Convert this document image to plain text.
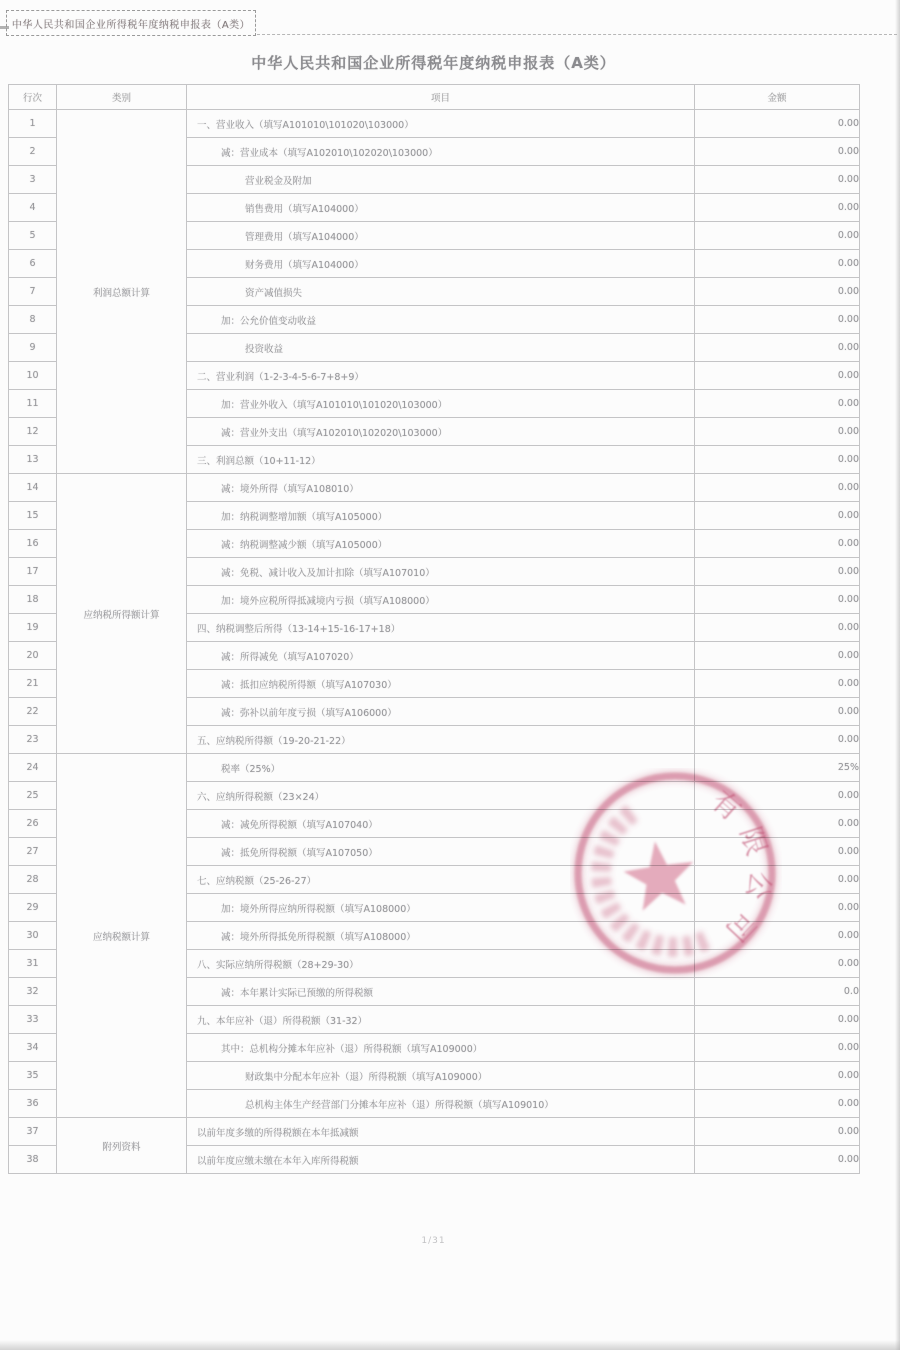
中华人民共和国企业所得税年度纳税申报表（A类）
中华人民共和国企业所得税年度纳税申报表（A类）
行次	类别	项目	金额
1	利润总额计算	一、营业收入（填写A101010\101020\103000）	0.00
2		减：营业成本（填写A102010\102020\103000）	0.00
3		营业税金及附加	0.00
4		销售费用（填写A104000）	0.00
5		管理费用（填写A104000）	0.00
6		财务费用（填写A104000）	0.00
7		资产减值损失	0.00
8		加：公允价值变动收益	0.00
9		投资收益	0.00
10		二、营业利润（1-2-3-4-5-6-7+8+9）	0.00
11		加：营业外收入（填写A101010\101020\103000）	0.00
12		减：营业外支出（填写A102010\102020\103000）	0.00
13		三、利润总额（10+11-12）	0.00
14	应纳税所得额计算	减：境外所得（填写A108010）	0.00
15		加：纳税调整增加额（填写A105000）	0.00
16		减：纳税调整减少额（填写A105000）	0.00
17		减：免税、减计收入及加计扣除（填写A107010）	0.00
18		加：境外应税所得抵减境内亏损（填写A108000）	0.00
19		四、纳税调整后所得（13-14+15-16-17+18）	0.00
20		减：所得减免（填写A107020）	0.00
21		减：抵扣应纳税所得额（填写A107030）	0.00
22		减：弥补以前年度亏损（填写A106000）	0.00
23		五、应纳税所得额（19-20-21-22）	0.00
24	应纳税额计算	税率（25%）	25%
25		六、应纳所得税额（23×24）	0.00
26		减：减免所得税额（填写A107040）	0.00
27		减：抵免所得税额（填写A107050）	0.00
28		七、应纳税额（25-26-27）	0.00
29		加：境外所得应纳所得税额（填写A108000）	0.00
30		减：境外所得抵免所得税额（填写A108000）	0.00
31		八、实际应纳所得税额（28+29-30）	0.00
32		减：本年累计实际已预缴的所得税额	0.0
33		九、本年应补（退）所得税额（31-32）	0.00
34		其中：总机构分摊本年应补（退）所得税额（填写A109000）	0.00
35		财政集中分配本年应补（退）所得税额（填写A109000）	0.00
36		总机构主体生产经营部门分摊本年应补（退）所得税额（填写A109010）	0.00
37	附列资料	以前年度多缴的所得税额在本年抵减额	0.00
38		以前年度应缴未缴在本年入库所得税额	0.00
1/31
有限公司
